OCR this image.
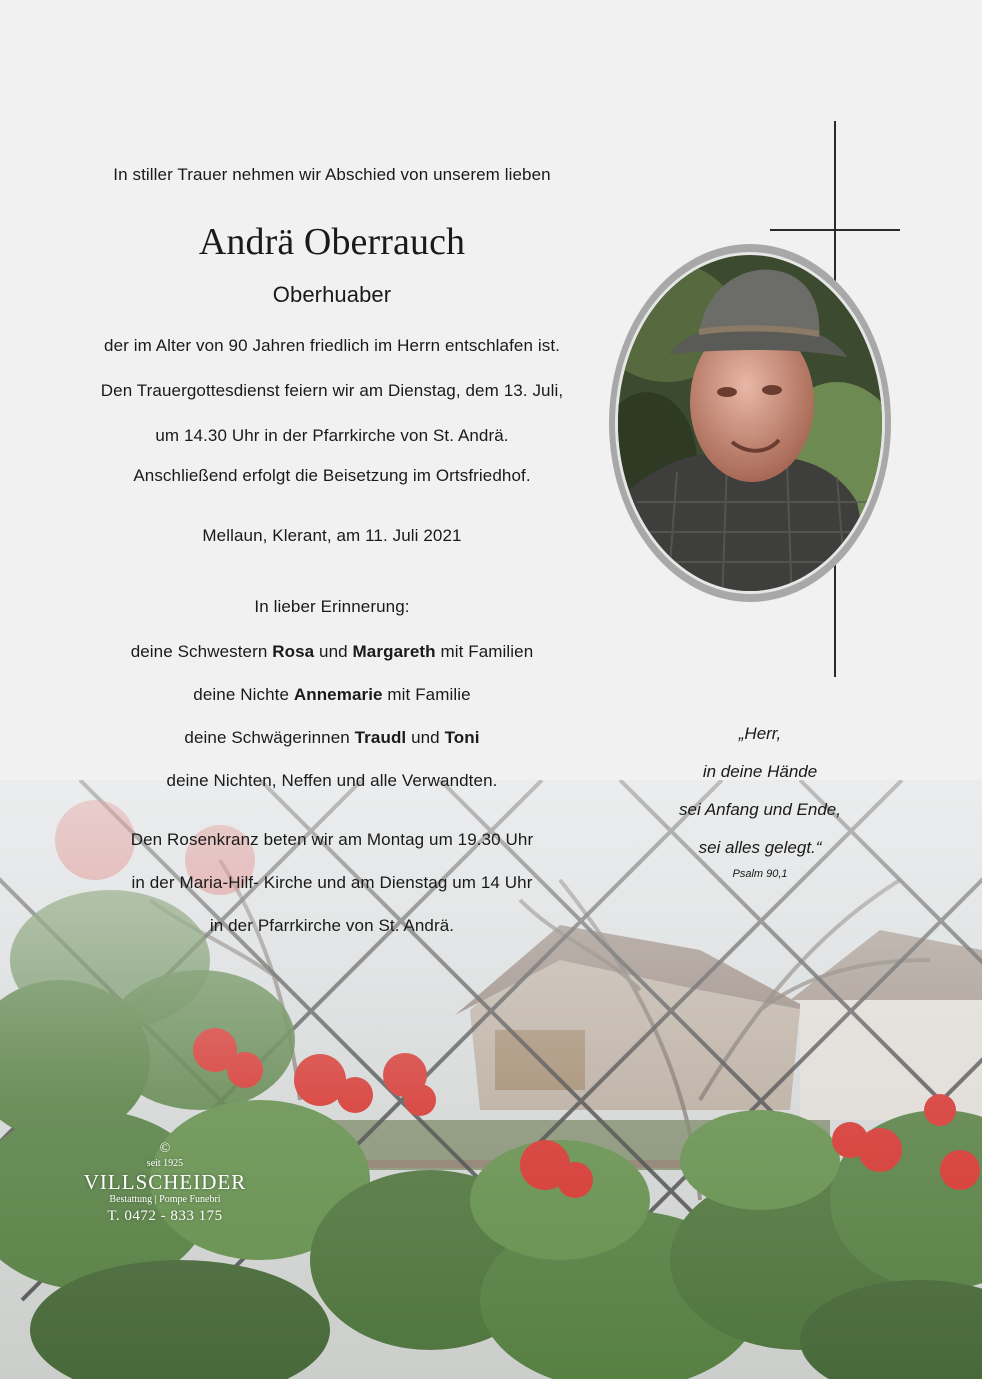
In stiller Trauer nehmen wir Abschied von unserem lieben
Andrä Oberrauch
Oberhuaber
der im Alter von 90 Jahren friedlich im Herrn entschlafen ist.
Den Trauergottesdienst feiern wir am Dienstag, dem 13. Juli,
um 14.30 Uhr in der Pfarrkirche von St. Andrä.
Anschließend erfolgt die Beisetzung im Ortsfriedhof.
Mellaun, Klerant, am 11. Juli 2021
In lieber Erinnerung:
deine Schwestern Rosa und Margareth mit Familien
deine Nichte Annemarie mit Familie
deine Schwägerinnen Traudl und Toni
deine Nichten, Neffen und alle Verwandten.
Den Rosenkranz beten wir am Montag um 19.30 Uhr
in der Maria-Hilf- Kirche und am Dienstag um 14 Uhr
in der Pfarrkirche von St. Andrä.
„Herr,
in deine Hände
sei Anfang und Ende,
sei alles gelegt.“
Psalm 90,1
©
seit 1925
VILLSCHEIDER
Bestattung | Pompe Funebri
T. 0472 - 833 175
